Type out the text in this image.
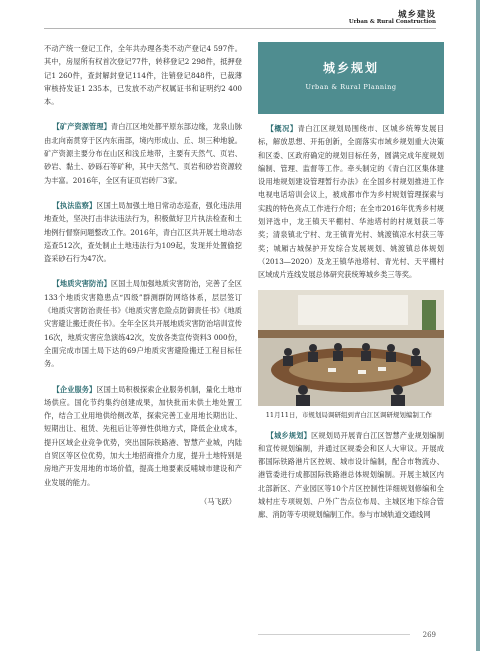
城乡建设
Urban & Rural Construction

不动产统一登记工作，全年共办理各类不动产登记4 597件。其中，房屋所有权首次登记77件，转移登记2 298件，抵押登记1 260件，查封解封登记114件，注销登记848件，已裁薄审核持发证1 235本，已发放不动产权属证书和证明约2 400本。

【矿产资源管理】青白江区地处都平原东部边缘，龙泉山脉由北向南贯穿于区内东南部，境内形成山、丘、坝三种地貌。矿产资源主要分布在山区和浅丘地带，主要有天然气、页岩、砂岩、黏土、砂砾石等矿种，其中天然气、页岩和砂岩资源较为丰富。2016年，全区有证页岩砖厂3家。

【执法监察】区国土局加强土地日常动态巡查，强化违法用地查处，坚决打击非法违法行为，积极做好卫片执法检查和土地例行督察问题整改工作。2016年，青白江区共开展土地动态巡查512次，查处制止土地违法行为109起，发现并处置偷挖盗采砂石行为47次。

【地质灾害防治】区国土局加强地质灾害防治，完善了全区133个地质灾害隐患点“四级”群测群防网络体系，层层签订《地质灾害防治责任书》《地质灾害危险点防御责任书》《地质灾害避让搬迁责任书》。全年全区共开展地质灾害防治培训宣传16次，地质灾害应急演练42次，发放各类宣传资料3 000份，全面完成市国土局下达的69户地质灾害避险搬迁工程目标任务。

【企业服务】区国土局积极探索企业服务机制，量化土地市场供应。国化节约集约创建成果，加快批而未供土地处置工作，结合工业用地供给侧改革，探索完善工业用地长期出让、短期出让、租赁、先租后让等弹性供地方式，降低企业成本，提升区域企业竞争优势，突出国际铁路港、智慧产业城，内陆自贸区等区位优势，加大土地招商推介力度，提升土地特别是房地产开发用地的市场价值，提高土地要素反哺城市建设和产业发展的能力。

（马飞跃）

城乡规划
Urban & Rural Planning

【概况】青白江区规划局围绕市、区城乡统筹发展目标，解放思想、开拓创新，全面落实市域乡规划重大决策和区委、区政府确定的规划目标任务，圆满完成年度规划编制、管理、监督等工作。牵头制定的《青白江区集体建设用地规划建设管理暂行办法》在全国乡村规划推进工作电视电话培训会议上，被成都市作为乡村规划管理探索与实践的特色亮点工作进行介绍；在全市2016年优秀乡村规划评选中，龙王镇天平棚村、华池塔村的村规划获二等奖；清泉镇北宁村、龙王镇青光村、姚渡镇凉水村获三等奖；城厢古城保护开发综合发展规划、姚渡镇总体规划（2013—2020）及龙王镇华池塔村、青光村、天平棚村区域成片连线发展总体研究获统筹城乡类三等奖。

11月11日，市规划局调研组到青白江区调研规划编制工作

【城乡规划】区规划局开展青白江区智慧产业规划编制和宣传规划编制，并通过区规委会和区人大审议。开展成都国际铁路港片区控规、城市设计编制，配合市物流办、港管委进行成都国际铁路港总体规划编制。开展主城区内北部新区、产业园区等10个片区控制性详细规划修编和全城村庄专项规划、户外广告点位布局、主城区地下综合管廊、消防等专项规划编制工作。参与市域轨道交通线网

269
